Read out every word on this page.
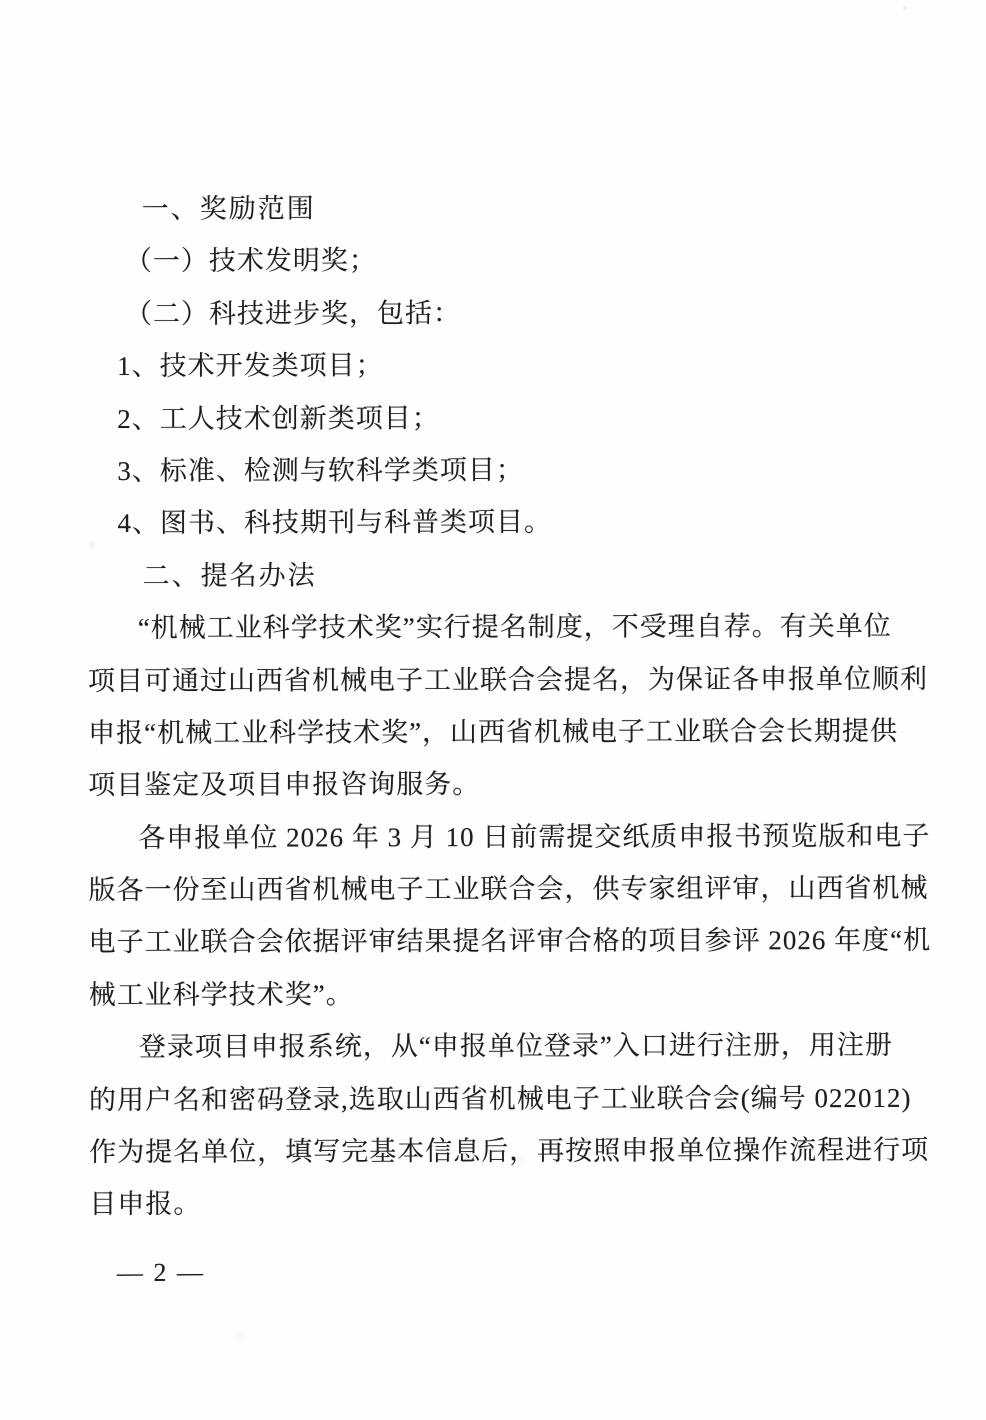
一、奖励范围
（一）技术发明奖；
（二）科技进步奖，包括：
1、技术开发类项目；
2、工人技术创新类项目；
3、标准、检测与软科学类项目；
4、图书、科技期刊与科普类项目。
二、提名办法
“机械工业科学技术奖”实行提名制度，不受理自荐。有关单位
项目可通过山西省机械电子工业联合会提名，为保证各申报单位顺利
申报“机械工业科学技术奖”，山西省机械电子工业联合会长期提供
项目鉴定及项目申报咨询服务。
各申报单位 2026 年 3 月 10 日前需提交纸质申报书预览版和电子
版各一份至山西省机械电子工业联合会，供专家组评审，山西省机械
电子工业联合会依据评审结果提名评审合格的项目参评 2026 年度“机
械工业科学技术奖”。
登录项目申报系统，从“申报单位登录”入口进行注册，用注册
的用户名和密码登录,选取山西省机械电子工业联合会(编号 022012)
作为提名单位，填写完基本信息后，再按照申报单位操作流程进行项
目申报。
— 2 —
